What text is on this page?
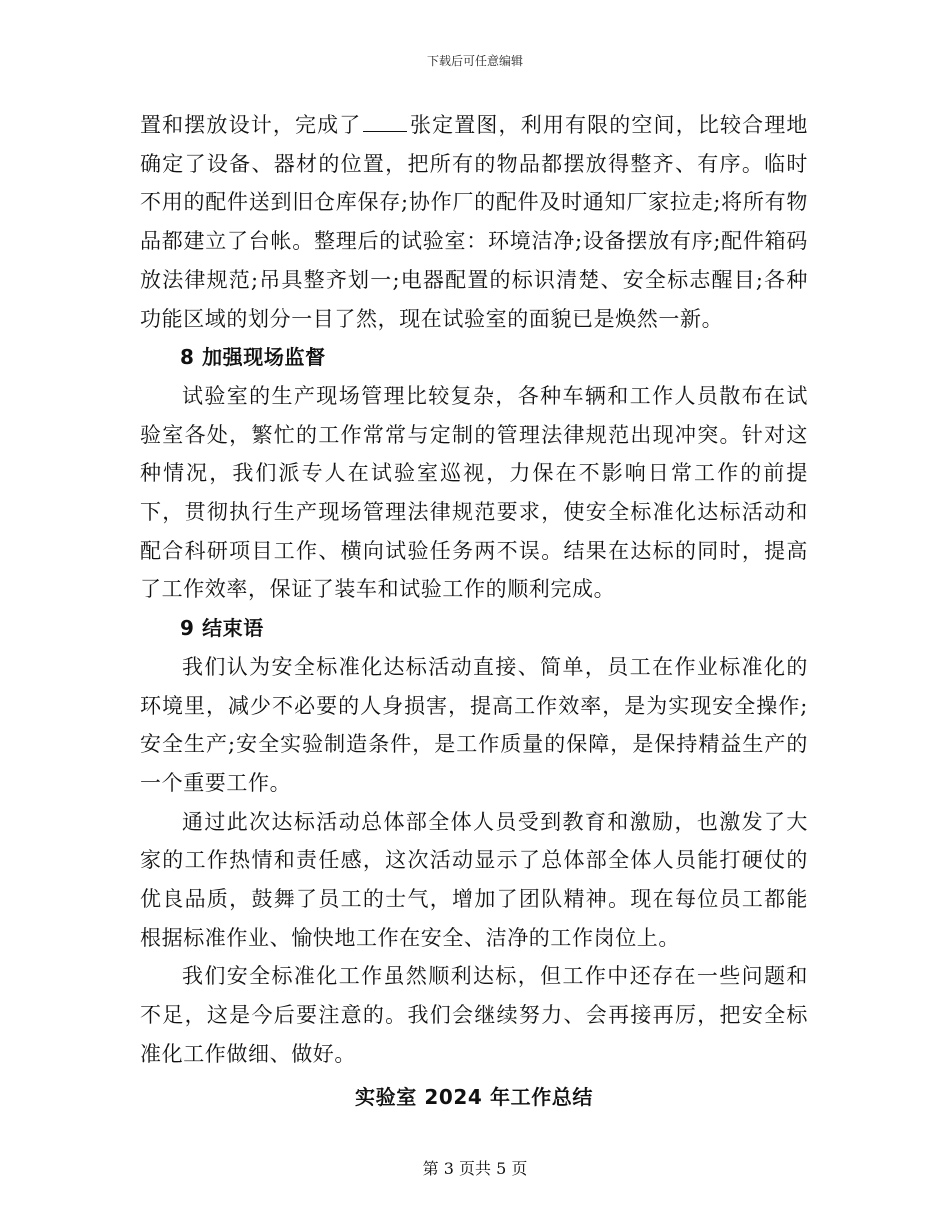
下载后可任意编辑

置和摆放设计，完成了 张定置图，利用有限的空间，比较合理地确定了设备、器材的位置，把所有的物品都摆放得整齐、有序。临时不用的配件送到旧仓库保存;协作厂的配件及时通知厂家拉走;将所有物品都建立了台帐。整理后的试验室：环境洁净;设备摆放有序;配件箱码放法律规范;吊具整齐划一;电器配置的标识清楚、安全标志醒目;各种功能区域的划分一目了然，现在试验室的面貌已是焕然一新。

8 加强现场监督

试验室的生产现场管理比较复杂，各种车辆和工作人员散布在试验室各处，繁忙的工作常常与定制的管理法律规范出现冲突。针对这种情况，我们派专人在试验室巡视，力保在不影响日常工作的前提下，贯彻执行生产现场管理法律规范要求，使安全标准化达标活动和配合科研项目工作、横向试验任务两不误。结果在达标的同时，提高了工作效率，保证了装车和试验工作的顺利完成。

9 结束语

我们认为安全标准化达标活动直接、简单，员工在作业标准化的环境里，减少不必要的人身损害，提高工作效率，是为实现安全操作;安全生产;安全实验制造条件，是工作质量的保障，是保持精益生产的一个重要工作。

通过此次达标活动总体部全体人员受到教育和激励，也激发了大家的工作热情和责任感，这次活动显示了总体部全体人员能打硬仗的优良品质，鼓舞了员工的士气，增加了团队精神。现在每位员工都能根据标准作业、愉快地工作在安全、洁净的工作岗位上。

我们安全标准化工作虽然顺利达标，但工作中还存在一些问题和不足，这是今后要注意的。我们会继续努力、会再接再厉，把安全标准化工作做细、做好。

实验室 2024 年工作总结

第 3 页共 5 页
